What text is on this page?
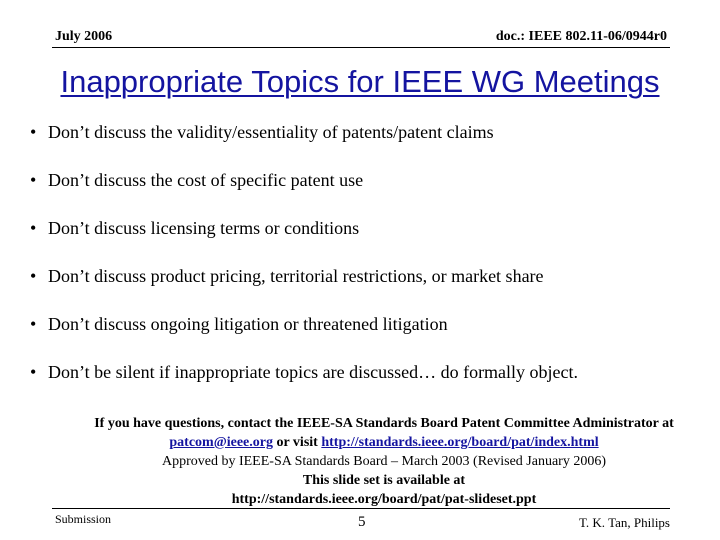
July 2006	doc.: IEEE 802.11-06/0944r0
Inappropriate Topics for IEEE WG Meetings
• Don’t discuss the validity/essentiality of patents/patent claims
• Don’t discuss the cost of specific patent use
• Don’t discuss licensing terms or conditions
• Don’t discuss product pricing, territorial restrictions, or market share
• Don’t discuss ongoing litigation or threatened litigation
• Don’t be silent if inappropriate topics are discussed… do formally object.
If you have questions, contact the IEEE-SA Standards Board Patent Committee Administrator at
patcom@ieee.org or visit http://standards.ieee.org/board/pat/index.html
Approved by IEEE-SA Standards Board – March 2003 (Revised January 2006)
This slide set is available at
http://standards.ieee.org/board/pat/pat-slideset.ppt
Submission	5	T. K. Tan, Philips
